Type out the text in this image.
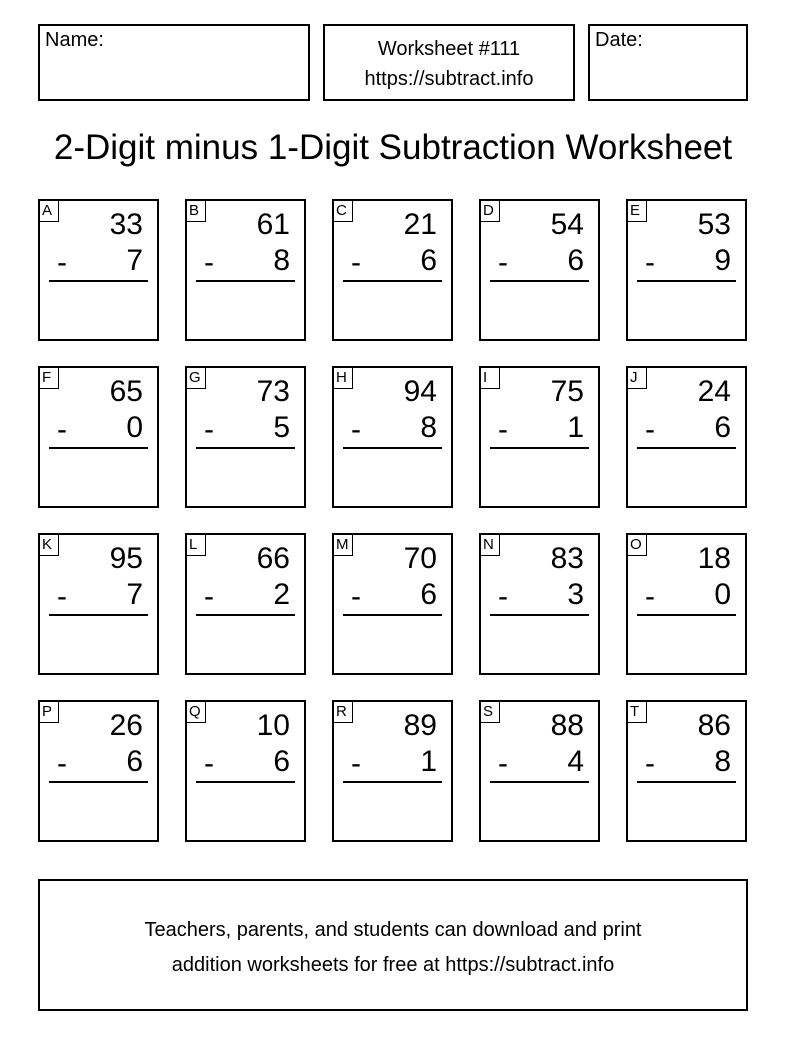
Name:	Worksheet #111
https://subtract.info
Date:
2-Digit minus 1-Digit Subtraction Worksheet
A 33
- 7
B 61
- 8
C 21
- 6
D 54
- 6
E 53
- 9
F 65
- 0
G 73
- 5
H 94
- 8
I	75
- 1
J	24
- 6
K 95
- 7
L 66
- 2
M 70
- 6
N 83
- 3
O 18
- 0
P 26
- 6
Q 10
- 6
R 89
- 1
S 88
- 4
T 86
- 8
Teachers, parents, and students can download and print
addition worksheets for free at https://subtract.info
